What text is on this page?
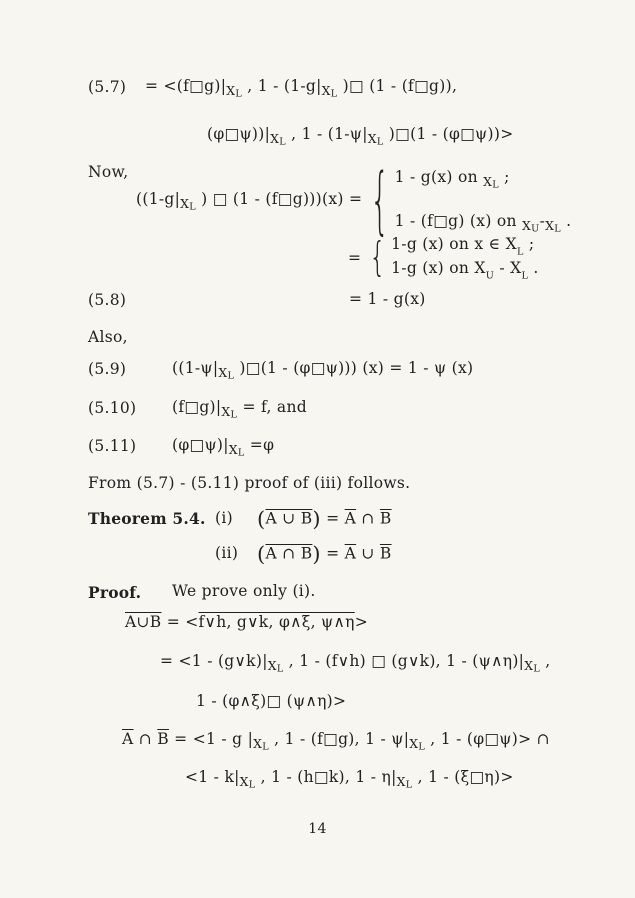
$(5.7) = <(f□g)|_{XL}$ , $1 - (1-g|_{XL}$ )□ (1 - (f□g)),
$(\varphi□\psi))|_{XL}$ , $1 - (1-\psi|_{XL}$ )□(1 - (φ□ψ))>
Now,
(($1-g|_{XL}$ ) □ (1 - (f□g)))(x) = { 1 - g(x) on $_{XL}$ ;
1 - (f□g) (x) on $_{XU}-_{XL}$ .
= { 1-g (x) on x ∈ $X_L$ ;
1-g (x) on $X_U - X_L$ .
(5.8)	= 1 - g(x)
Also,
(5.9)	(($1-\psi|_{XL}$ )□(1 - (φ□ψ))) (x) = 1 - ψ (x)
(5.10) $(f□g)|_{XL} = f$, and
(5.11) $(\varphi□\psi)|_{XL} =\varphi$
From (5.7) - (5.11) proof of (iii) follows.
Theorem 5.4. (i) (A ∪ $B) = \overline{A}$ ∩ $\overline{B}$
(ii) (A ∩ $B) = \overline{A}$ ∪ $\overline{B}$
Proof. We prove only (i).
A∪B = <f∨h, g∨k, φ∧ξ, ψ∧η>
= $<1 - (g\vee k)|_{XL}$ , 1 - (f∨h) □ (g∨k), $1 - (\psi\wedge\eta)|_{XL}$ ,
1 - (φ∧ξ)□ (ψ∧η)>
$\overline{A}$ ∩ $\overline{B} = <1 - g$ $|_{XL}$ , 1 - (f□g), $1 - \psi|_{XL}$ , 1 - (φ□ψ)> ∩
$<1 - k|_{XL}$ , 1 - (h□k), $1 - \eta|_{XL}$ , 1 - (ξ□η)>
14
